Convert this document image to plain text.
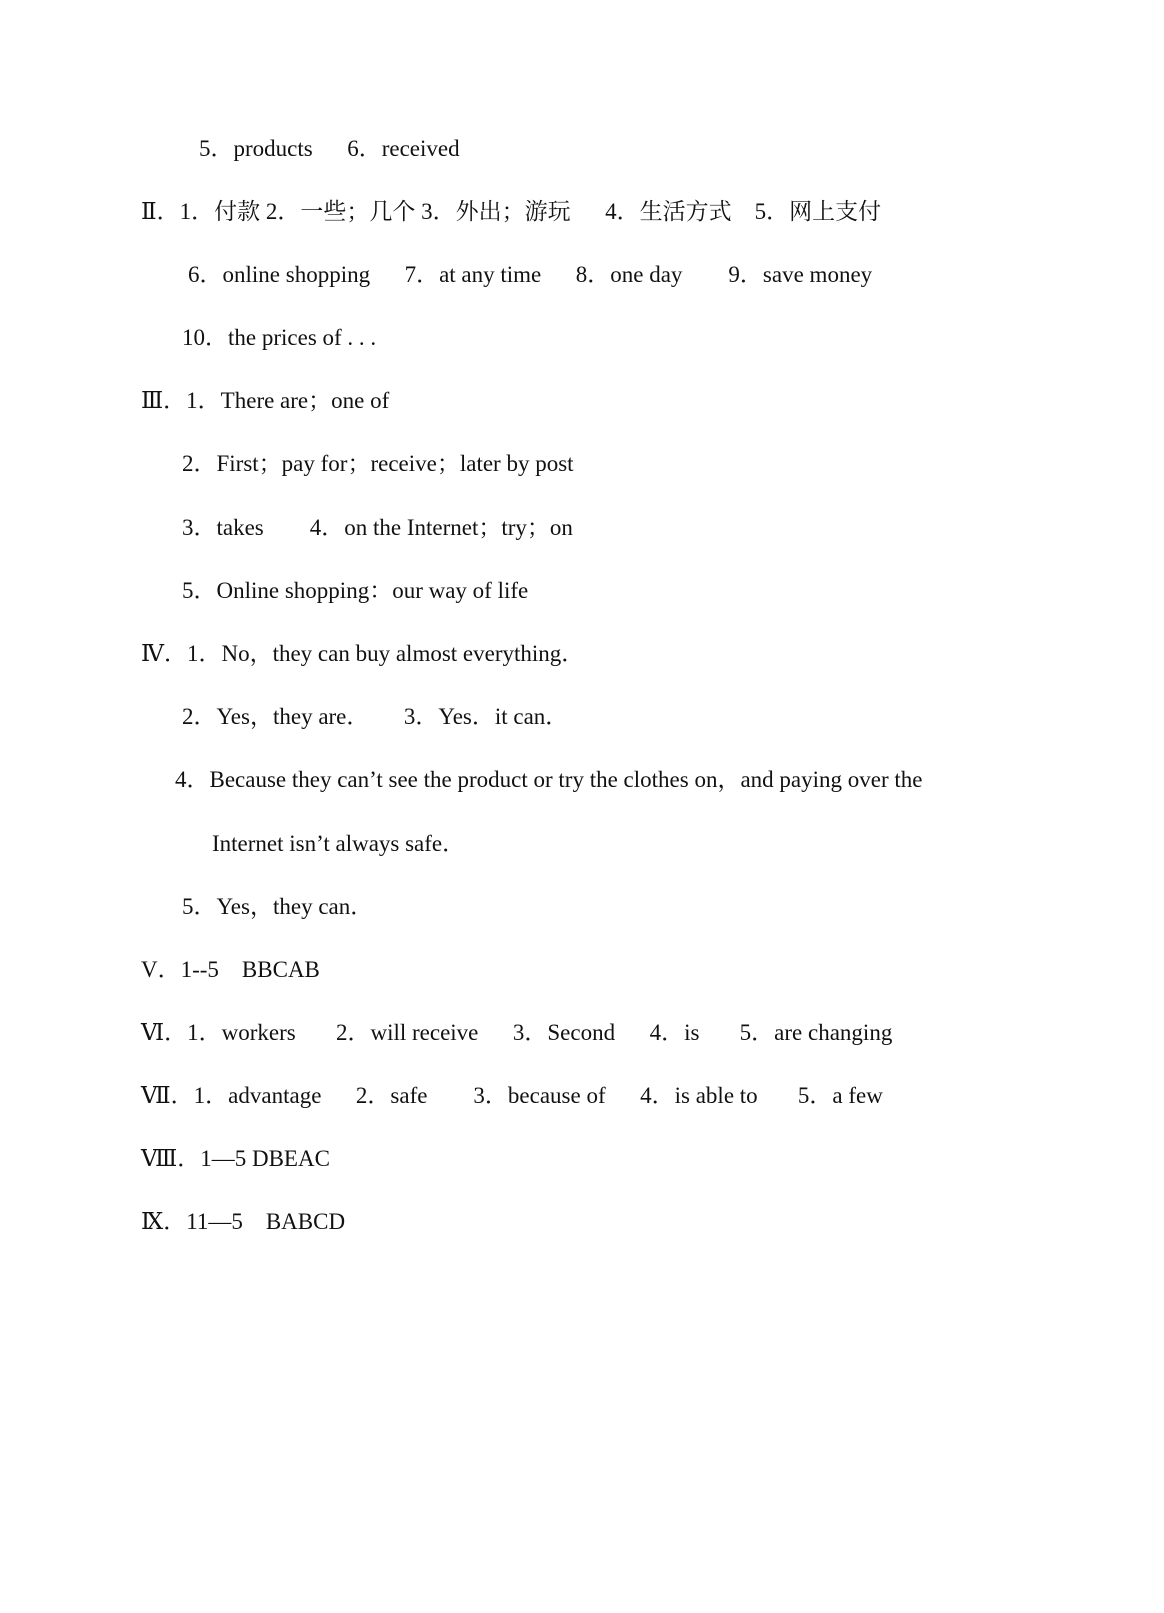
5．products      6．received

Ⅱ．1．付款 2．一些；几个 3．外出；游玩      4．生活方式    5．网上支付

6．online shopping      7．at any time      8．one day        9．save money

10．the prices of . . .

Ⅲ．1．There are；one of

2．First；pay for；receive；later by post

3．takes        4．on the Internet；try；on

5．Online shopping：our way of life

Ⅳ．1．No，they can buy almost everything．

2．Yes，they are．      3．Yes．it can．

4．Because they can’t see the product or try the clothes on，and paying over the

Internet isn’t always safe．

5．Yes，they can．

V．1--5    BBCAB

Ⅵ．1．workers       2．will receive      3．Second      4．is       5．are changing

Ⅶ．1．advantage      2．safe        3．because of      4．is able to       5．a few

Ⅷ．1—5 DBEAC

Ⅸ．11—5    BABCD
